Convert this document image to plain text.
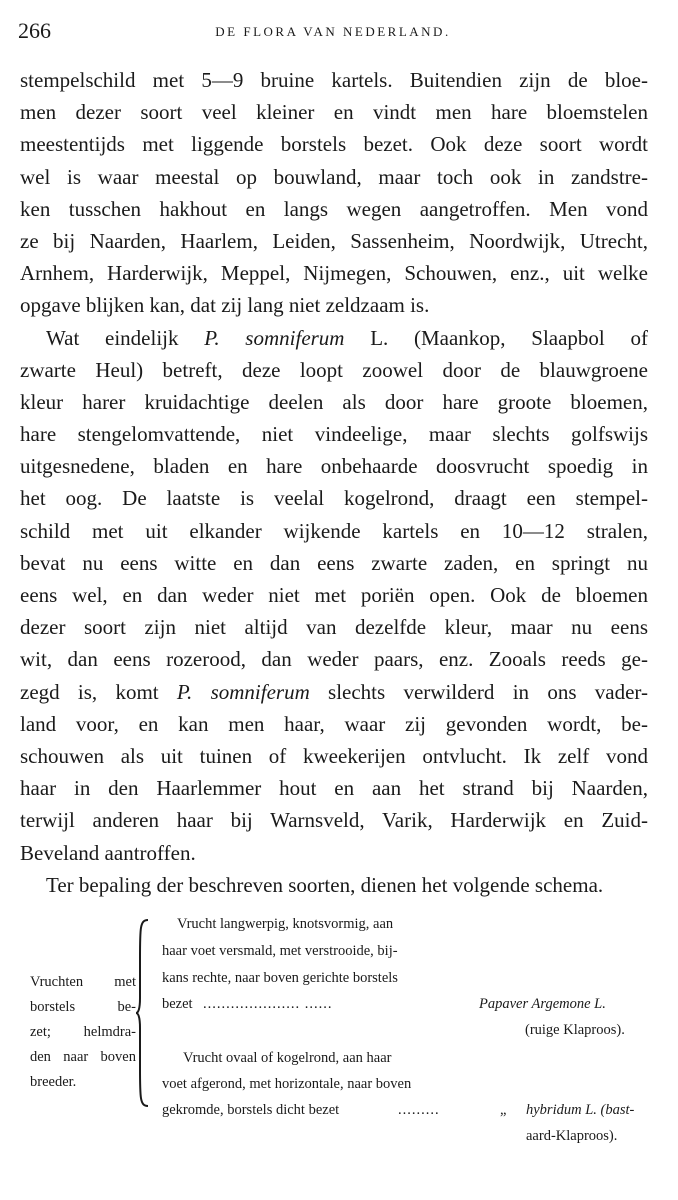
266	DE FLORA VAN NEDERLAND.
stempelschild met 5—9 bruine kartels. Buitendien zijn de bloe-
men dezer soort veel kleiner en vindt men hare bloemstelen
meestentijds met liggende borstels bezet. Ook deze soort wordt
wel is waar meestal op bouwland, maar toch ook in zandstre-
ken tusschen hakhout en langs wegen aangetroffen. Men vond
ze bij Naarden, Haarlem, Leiden, Sassenheim, Noordwijk, Utrecht,
Arnhem, Harderwijk, Meppel, Nijmegen, Schouwen, enz., uit welke
opgave blijken kan, dat zij lang niet zeldzaam is.
Wat eindelijk P. somniferum L. (Maankop, Slaapbol of
zwarte Heul) betreft, deze loopt zoowel door de blauwgroene
kleur harer kruidachtige deelen als door hare groote bloemen,
hare stengelomvattende, niet vindeelige, maar slechts golfswijs
uitgesnedene, bladen en hare onbehaarde doosvrucht spoedig in
het oog. De laatste is veelal kogelrond, draagt een stempel-
schild met uit elkander wijkende kartels en 10—12 stralen,
bevat nu eens witte en dan eens zwarte zaden, en springt nu
eens wel, en dan weder niet met poriën open. Ook de bloemen
dezer soort zijn niet altijd van dezelfde kleur, maar nu eens
wit, dan eens rozerood, dan weder paars, enz. Zooals reeds ge-
zegd is, komt P. somniferum slechts verwilderd in ons vader-
land voor, en kan men haar, waar zij gevonden wordt, be-
schouwen als uit tuinen of kweekerijen ontvlucht. Ik zelf vond
haar in den Haarlemmer hout en aan het strand bij Naarden,
terwijl anderen haar bij Warnsveld, Varik, Harderwijk en Zuid-
Beveland aantroffen.
Ter bepaling der beschreven soorten, dienen het volgende schema.
Vruchten met
borstels be-
zet; helmdra-
den naar boven
breeder.
Vrucht langwerpig, knotsvormig, aan
haar voet versmald, met verstrooide, bij-
kans rechte, naar boven gerichte borstels
bezet ..................... ......	Papaver Argemone L.
(ruige Klaproos).
Vrucht ovaal of kogelrond, aan haar
voet afgerond, met horizontale, naar boven
gekromde, borstels dicht bezet	.........	„ hybridum L. (bast-
aard-Klaproos).
